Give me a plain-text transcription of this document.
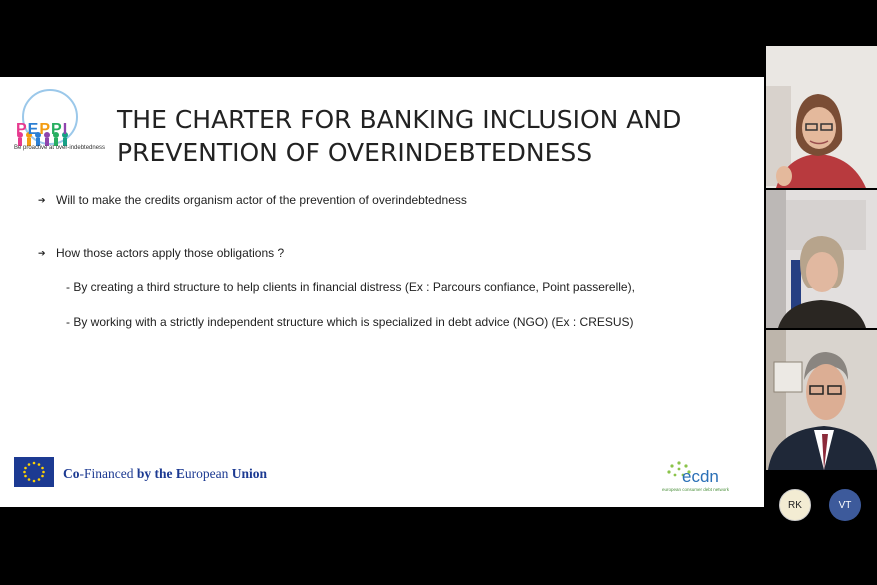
PEPPI
Be proactive at over-indebtedness
THE CHARTER FOR BANKING INCLUSION AND
PREVENTION OF OVERINDEBTEDNESS
➔ Will to make the credits organism actor of the prevention of overindebtedness
➔ How those actors apply those obligations ?
- By creating a third structure to help clients in financial distress (Ex : Parcours confiance, Point passerelle),
- By working with a strictly independent structure which is specialized in debt advice (NGO) (Ex : CRESUS)
Co-Financed by the European Union	ecdn
european consumer debt network
RK	VT
